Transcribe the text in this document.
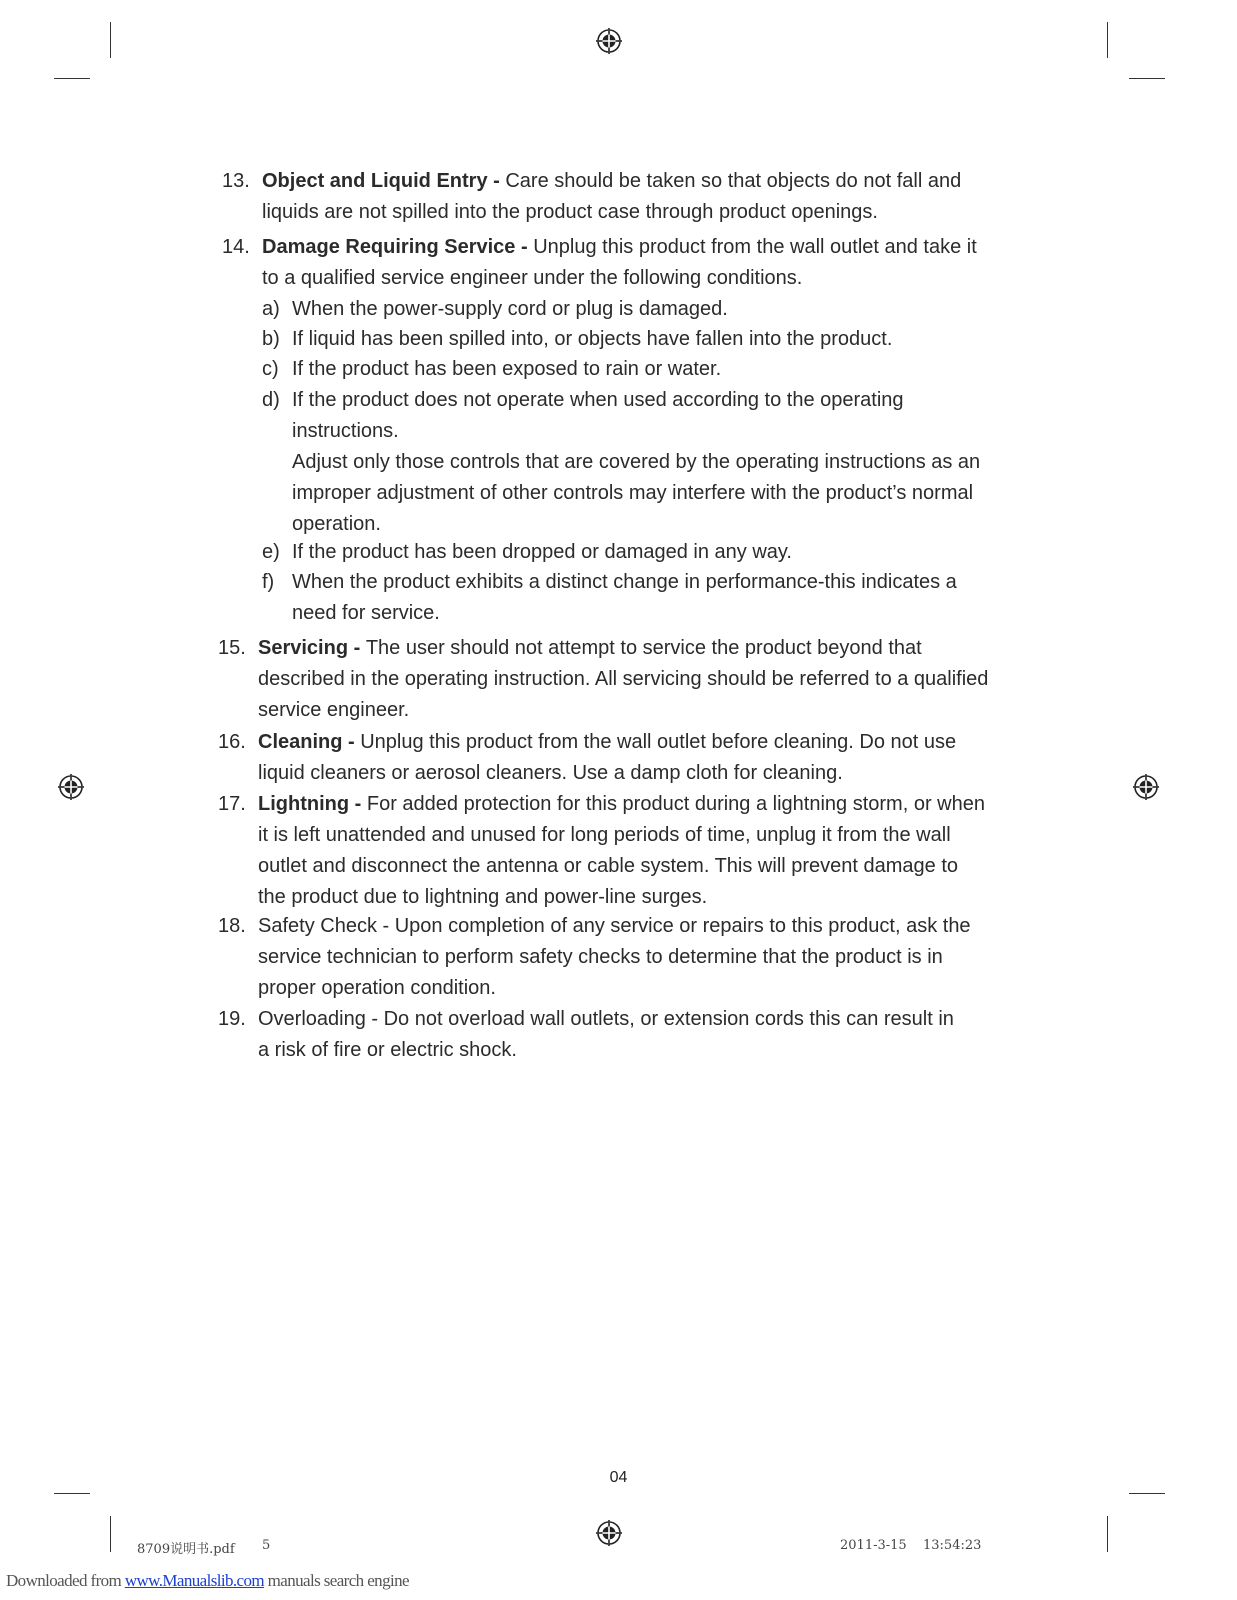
13. Object and Liquid Entry - Care should be taken so that objects do not fall and
liquids are not spilled into the product case through product openings.
14. Damage Requiring Service - Unplug this product from the wall outlet and take it
to a qualified service engineer under the following conditions.
a) When the power-supply cord or plug is damaged.
b) If liquid has been spilled into, or objects have fallen into the product.
c) If the product has been exposed to rain or water.
d) If the product does not operate when used according to the operating
instructions.
Adjust only those controls that are covered by the operating instructions as an
improper adjustment of other controls may interfere with the product’s normal
operation.
e) If the product has been dropped or damaged in any way.
f) When the product exhibits a distinct change in performance-this indicates a
need for service.
15. Servicing - The user should not attempt to service the product beyond that
described in the operating instruction. All servicing should be referred to a qualified
service engineer.
16. Cleaning - Unplug this product from the wall outlet before cleaning. Do not use
liquid cleaners or aerosol cleaners. Use a damp cloth for cleaning.
17. Lightning - For added protection for this product during a lightning storm, or when
it is left unattended and unused for long periods of time, unplug it from the wall
outlet and disconnect the antenna or cable system. This will prevent damage to
the product due to lightning and power-line surges.
18. Safety Check - Upon completion of any service or repairs to this product, ask the
service technician to perform safety checks to determine that the product is in
proper operation condition.
19. Overloading - Do not overload wall outlets, or extension cords this can result in
a risk of fire or electric shock.
04
8709说明书.pdf 5	2011-3-15 13:54:23
Downloaded from www.Manualslib.com manuals search engine
